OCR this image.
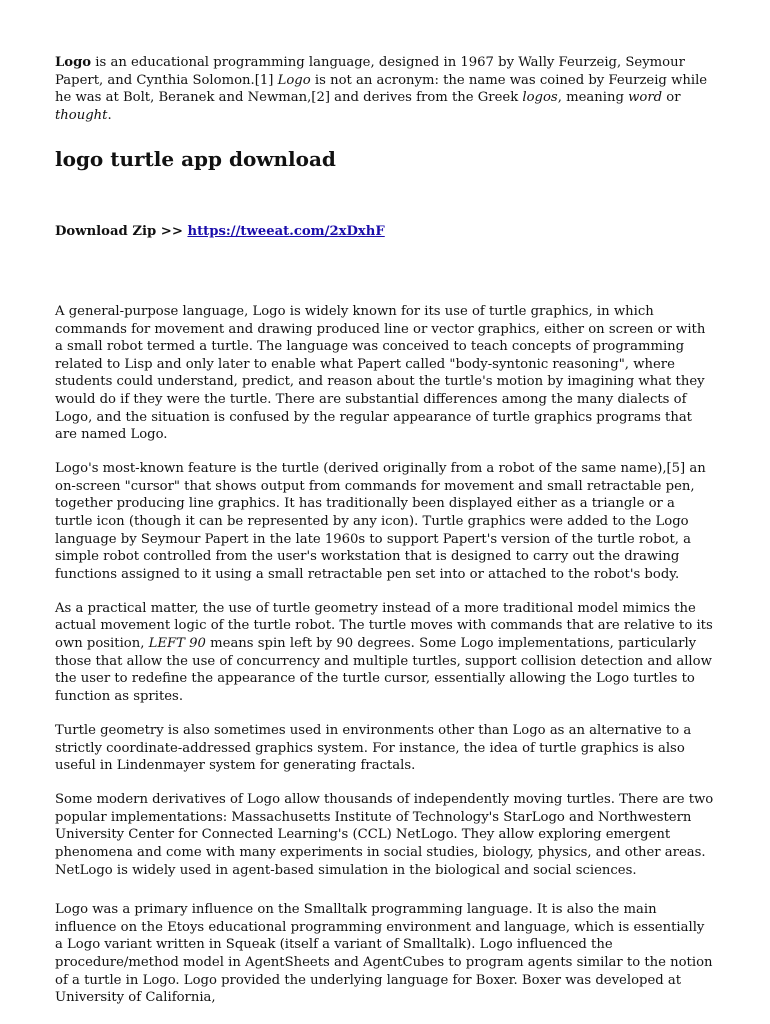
Logo is an educational programming language, designed in 1967 by Wally Feurzeig, Seymour Papert, and Cynthia Solomon.[1] Logo is not an acronym: the name was coined by Feurzeig while he was at Bolt, Beranek and Newman,[2] and derives from the Greek logos, meaning word or thought.

logo turtle app download
Download Zip >> https://tweeat.com/2xDxhF

A general-purpose language, Logo is widely known for its use of turtle graphics, in which commands for movement and drawing produced line or vector graphics, either on screen or with a small robot termed a turtle. The language was conceived to teach concepts of programming related to Lisp and only later to enable what Papert called "body-syntonic reasoning", where students could understand, predict, and reason about the turtle's motion by imagining what they would do if they were the turtle. There are substantial differences among the many dialects of Logo, and the situation is confused by the regular appearance of turtle graphics programs that are named Logo.

Logo's most-known feature is the turtle (derived originally from a robot of the same name),[5] an on-screen "cursor" that shows output from commands for movement and small retractable pen, together producing line graphics. It has traditionally been displayed either as a triangle or a turtle icon (though it can be represented by any icon). Turtle graphics were added to the Logo language by Seymour Papert in the late 1960s to support Papert's version of the turtle robot, a simple robot controlled from the user's workstation that is designed to carry out the drawing functions assigned to it using a small retractable pen set into or attached to the robot's body.

As a practical matter, the use of turtle geometry instead of a more traditional model mimics the actual movement logic of the turtle robot. The turtle moves with commands that are relative to its own position, LEFT 90 means spin left by 90 degrees. Some Logo implementations, particularly those that allow the use of concurrency and multiple turtles, support collision detection and allow the user to redefine the appearance of the turtle cursor, essentially allowing the Logo turtles to function as sprites.

Turtle geometry is also sometimes used in environments other than Logo as an alternative to a strictly coordinate-addressed graphics system. For instance, the idea of turtle graphics is also useful in Lindenmayer system for generating fractals.

Some modern derivatives of Logo allow thousands of independently moving turtles. There are two popular implementations: Massachusetts Institute of Technology's StarLogo and Northwestern University Center for Connected Learning's (CCL) NetLogo. They allow exploring emergent phenomena and come with many experiments in social studies, biology, physics, and other areas. NetLogo is widely used in agent-based simulation in the biological and social sciences.

Logo was a primary influence on the Smalltalk programming language. It is also the main influence on the Etoys educational programming environment and language, which is essentially a Logo variant written in Squeak (itself a variant of Smalltalk). Logo influenced the procedure/method model in AgentSheets and AgentCubes to program agents similar to the notion of a turtle in Logo. Logo provided the underlying language for Boxer. Boxer was developed at University of California,
